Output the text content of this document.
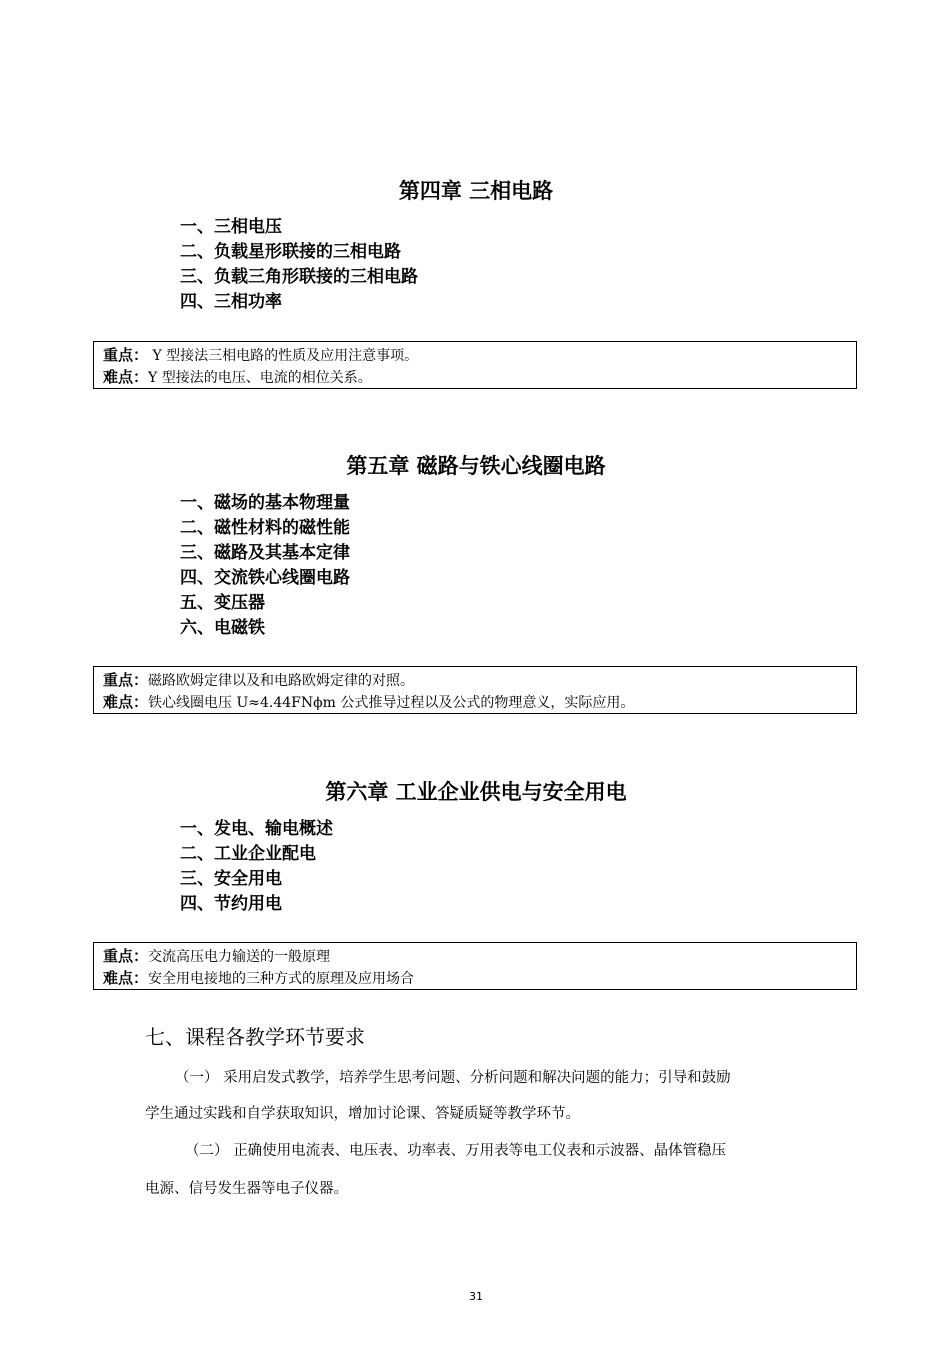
第四章 三相电路
一、三相电压
二、负载星形联接的三相电路
三、负载三角形联接的三相电路
四、三相功率
重点： Y 型接法三相电路的性质及应用注意事项。
难点：Y 型接法的电压、电流的相位关系。
第五章 磁路与铁心线圈电路
一、磁场的基本物理量
二、磁性材料的磁性能
三、磁路及其基本定律
四、交流铁心线圈电路
五、变压器
六、电磁铁
重点：磁路欧姆定律以及和电路欧姆定律的对照。
难点：铁心线圈电压 U≈4.44FNϕm 公式推导过程以及公式的物理意义，实际应用。
第六章 工业企业供电与安全用电
一、发电、输电概述
二、工业企业配电
三、安全用电
四、节约用电
重点：交流高压电力输送的一般原理
难点：安全用电接地的三种方式的原理及应用场合
七、课程各教学环节要求
（一） 采用启发式教学，培养学生思考问题、分析问题和解决问题的能力；引导和鼓励
学生通过实践和自学获取知识，增加讨论课、答疑质疑等教学环节。
（二） 正确使用电流表、电压表、功率表、万用表等电工仪表和示波器、晶体管稳压
电源、信号发生器等电子仪器。
31
